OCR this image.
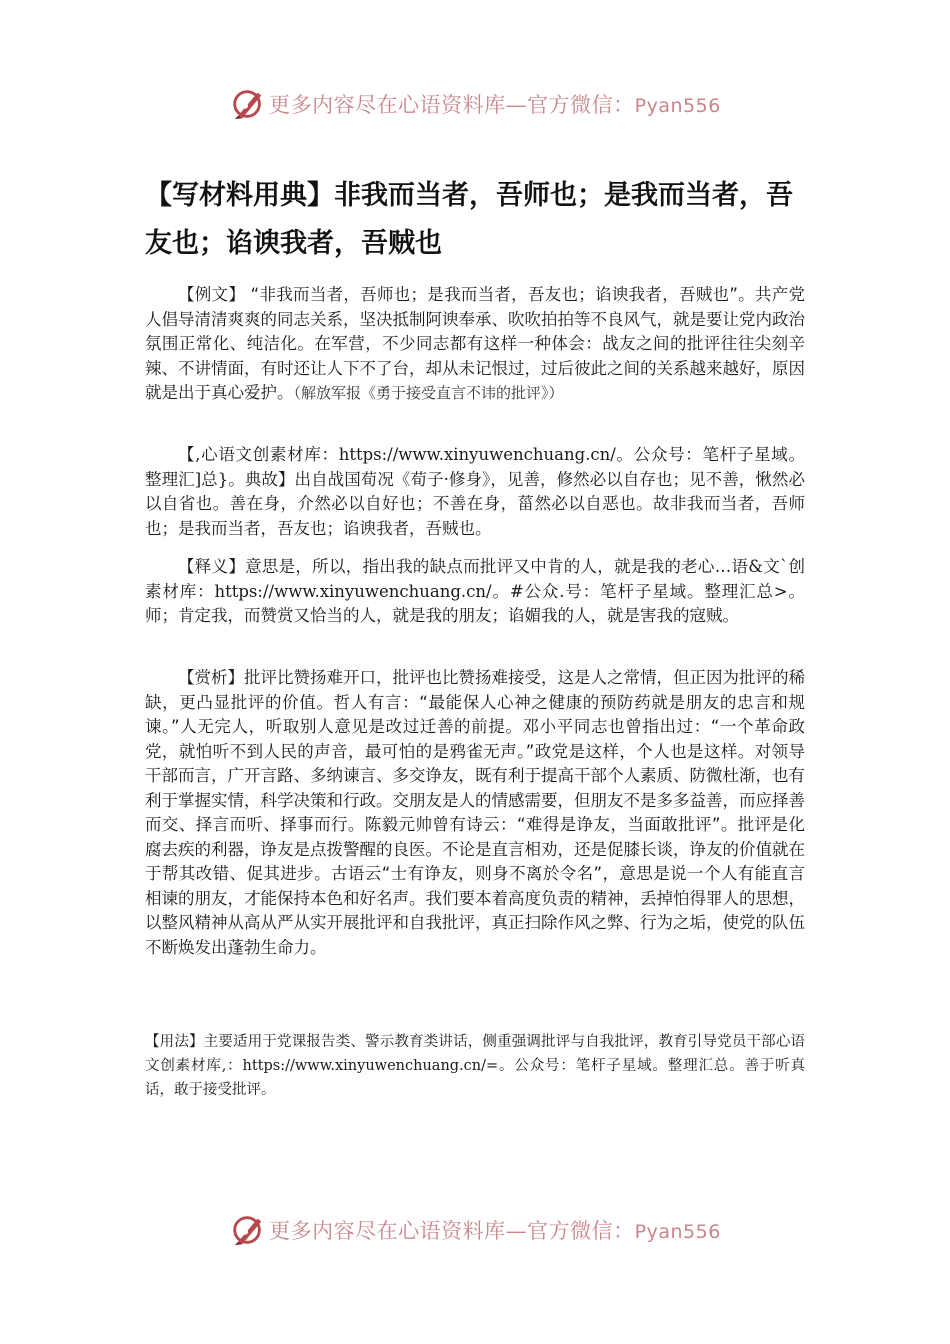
更多内容尽在心语资料库—官方微信：Pyan556
【写材料用典】非我而当者，吾师也；是我而当者，吾友也；谄谀我者，吾贼也

【例文】 “非我而当者，吾师也；是我而当者，吾友也；谄谀我者，吾贼也”。共产党人倡导清清爽爽的同志关系，坚决抵制阿谀奉承、吹吹拍拍等不良风气，就是要让党内政治氛围正常化、纯洁化。在军营，不少同志都有这样一种体会：战友之间的批评往往尖刻辛辣、不讲情面，有时还让人下不了台，却从未记恨过，过后彼此之间的关系越来越好，原因就是出于真心爱护。（解放军报《勇于接受直言不讳的批评》）

【,心语文创素材库：https://www.xinyuwenchuang.cn/。公众号：笔杆子星域。整理汇]总}。典故】出自战国荀况《荀子·修身》，见善，修然必以自存也；见不善，愀然必以自省也。善在身，介然必以自好也；不善在身，菑然必以自恶也。故非我而当者，吾师也；是我而当者，吾友也；谄谀我者，吾贼也。

【释义】意思是，所以，指出我的缺点而批评又中肯的人，就是我的老心…语&文`创素材库：https://www.xinyuwenchuang.cn/。#公众.号：笔杆子星域。整理汇总>。师；肯定我，而赞赏又恰当的人，就是我的朋友；谄媚我的人，就是害我的寇贼。

【赏析】批评比赞扬难开口，批评也比赞扬难接受，这是人之常情，但正因为批评的稀缺，更凸显批评的价值。哲人有言：“最能保人心神之健康的预防药就是朋友的忠言和规谏。”人无完人，听取别人意见是改过迁善的前提。邓小平同志也曾指出过：“一个革命政党，就怕听不到人民的声音，最可怕的是鸦雀无声。”政党是这样，个人也是这样。对领导干部而言，广开言路、多纳谏言、多交诤友，既有利于提高干部个人素质、防微杜渐，也有利于掌握实情，科学决策和行政。交朋友是人的情感需要，但朋友不是多多益善，而应择善而交、择言而听、择事而行。陈毅元帅曾有诗云：“难得是诤友，当面敢批评”。批评是化腐去疾的利器，诤友是点拨警醒的良医。不论是直言相劝，还是促膝长谈，诤友的价值就在于帮其改错、促其进步。古语云“士有诤友，则身不离於令名”，意思是说一个人有能直言相谏的朋友，才能保持本色和好名声。我们要本着高度负责的精神，丢掉怕得罪人的思想，以整风精神从高从严从实开展批评和自我批评，真正扫除作风之弊、行为之垢，使党的队伍不断焕发出蓬勃生命力。

【用法】主要适用于党课报告类、警示教育类讲话，侧重强调批评与自我批评，教育引导党员干部心语文创素材库,：https://www.xinyuwenchuang.cn/=。公众号：笔杆子星域。整理汇总。善于听真话，敢于接受批评。

更多内容尽在心语资料库—官方微信：Pyan556
